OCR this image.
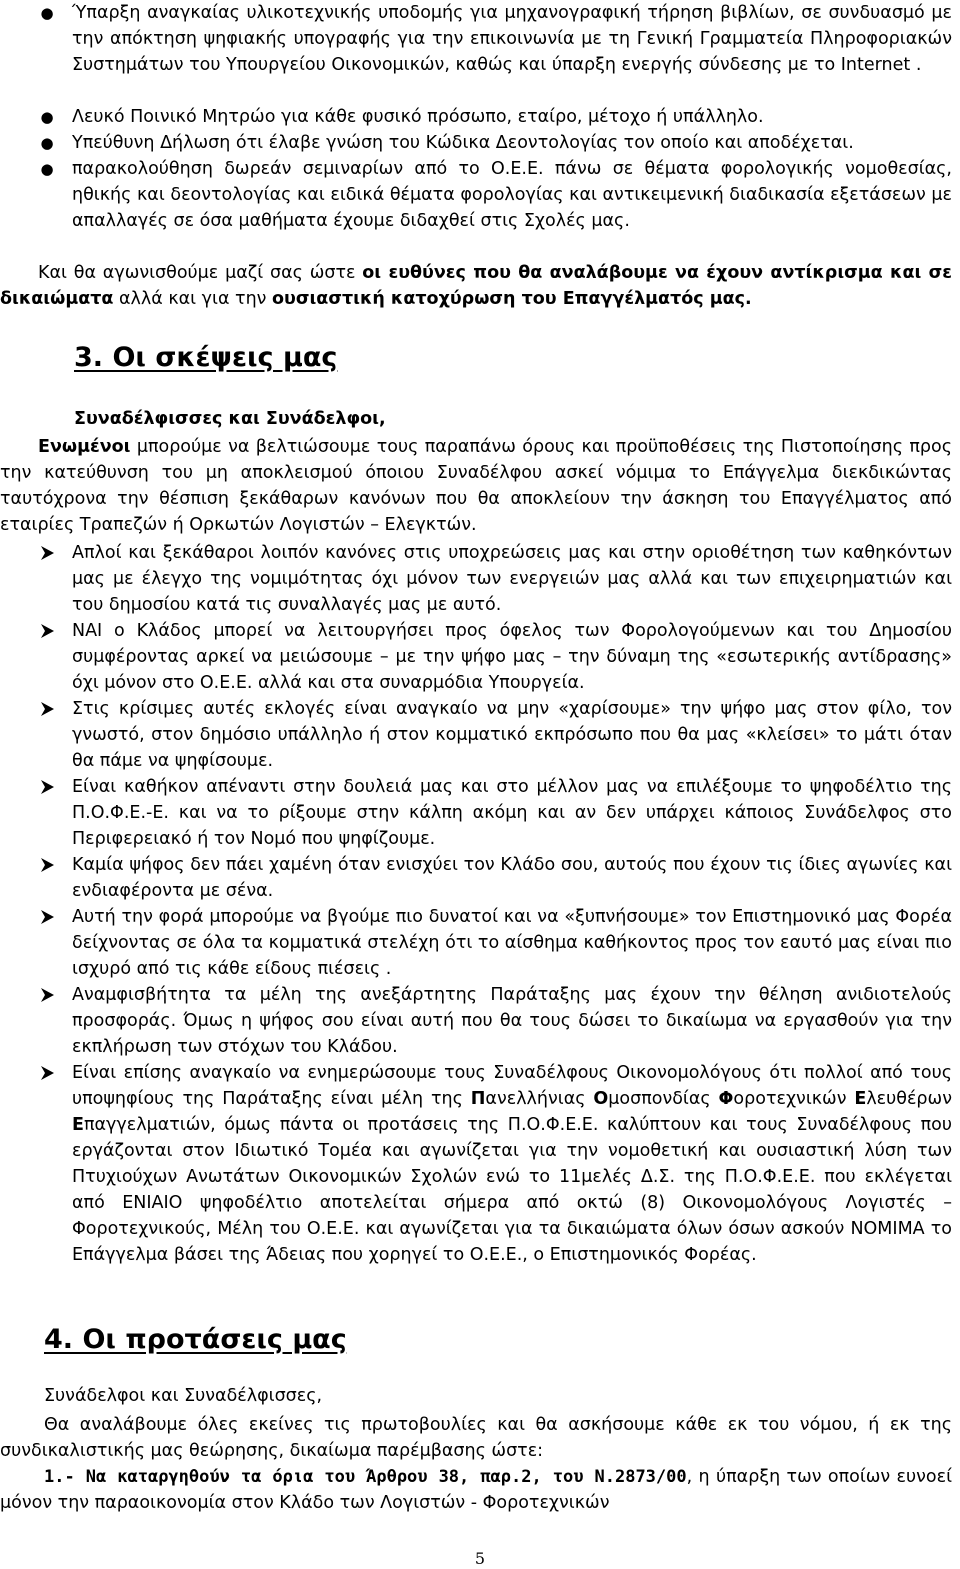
● Ύπαρξη αναγκαίας υλικοτεχνικής υποδομής για μηχανογραφική τήρηση βιβλίων, σε συνδυασμό με την απόκτηση ψηφιακής υπογραφής για την επικοινωνία με τη Γενική Γραμματεία Πληροφοριακών Συστημάτων του Υπουργείου Οικονομικών, καθώς και ύπαρξη ενεργής σύνδεσης με το Internet .
● Λευκό Ποινικό Μητρώο για κάθε φυσικό πρόσωπο, εταίρο, μέτοχο ή υπάλληλο.
● Υπεύθυνη Δήλωση ότι έλαβε γνώση του Κώδικα Δεοντολογίας τον οποίο και αποδέχεται.
● παρακολούθηση δωρεάν σεμιναρίων από το Ο.Ε.Ε. πάνω σε θέματα φορολογικής νομοθεσίας, ηθικής και δεοντολογίας και ειδικά θέματα φορολογίας και αντικειμενική διαδικασία εξετάσεων με απαλλαγές σε όσα μαθήματα έχουμε διδαχθεί στις Σχολές μας.
Και θα αγωνισθούμε μαζί σας ώστε οι ευθύνες που θα αναλάβουμε να έχουν αντίκρισμα και σε δικαιώματα αλλά και για την ουσιαστική κατοχύρωση του Επαγγέλματός μας.
3. Οι σκέψεις μας
Συναδέλφισσες και Συνάδελφοι,
Ενωμένοι μπορούμε να βελτιώσουμε τους παραπάνω όρους και προϋποθέσεις της Πιστοποίησης προς την κατεύθυνση του μη αποκλεισμού όποιου Συναδέλφου ασκεί νόμιμα το Επάγγελμα διεκδικώντας ταυτόχρονα την θέσπιση ξεκάθαρων κανόνων που θα αποκλείουν την άσκηση του Επαγγέλματος από εταιρίες Τραπεζών ή Ορκωτών Λογιστών – Ελεγκτών.
Απλοί και ξεκάθαροι λοιπόν κανόνες στις υποχρεώσεις μας και στην οριοθέτηση των καθηκόντων μας με έλεγχο της νομιμότητας όχι μόνον των ενεργειών μας αλλά και των επιχειρηματιών και του δημοσίου κατά τις συναλλαγές μας με αυτό.
ΝΑΙ ο Κλάδος μπορεί να λειτουργήσει προς όφελος των Φορολογούμενων και του Δημοσίου συμφέροντας αρκεί να μειώσουμε – με την ψήφο μας – την δύναμη της «εσωτερικής αντίδρασης» όχι μόνον στο Ο.Ε.Ε. αλλά και στα συναρμόδια Υπουργεία.
Στις κρίσιμες αυτές εκλογές είναι αναγκαίο να μην «χαρίσουμε» την ψήφο μας στον φίλο, τον γνωστό, στον δημόσιο υπάλληλο ή στον κομματικό εκπρόσωπο που θα μας «κλείσει» το μάτι όταν θα πάμε να ψηφίσουμε.
Είναι καθήκον απέναντι στην δουλειά μας και στο μέλλον μας να επιλέξουμε το ψηφοδέλτιο της Π.Ο.Φ.Ε.-Ε. και να το ρίξουμε στην κάλπη ακόμη και αν δεν υπάρχει κάποιος Συνάδελφος στο Περιφερειακό ή τον Νομό που ψηφίζουμε.
Καμία ψήφος δεν πάει χαμένη όταν ενισχύει τον Κλάδο σου, αυτούς που έχουν τις ίδιες αγωνίες και ενδιαφέροντα με σένα.
Αυτή την φορά μπορούμε να βγούμε πιο δυνατοί και να «ξυπνήσουμε» τον Επιστημονικό μας Φορέα δείχνοντας σε όλα τα κομματικά στελέχη ότι το αίσθημα καθήκοντος προς τον εαυτό μας είναι πιο ισχυρό από τις κάθε είδους πιέσεις .
Αναμφισβήτητα τα μέλη της ανεξάρτητης Παράταξης μας έχουν την θέληση ανιδιοτελούς προσφοράς. Όμως η ψήφος σου είναι αυτή που θα τους δώσει το δικαίωμα να εργασθούν για την εκπλήρωση των στόχων του Κλάδου.
Είναι επίσης αναγκαίο να ενημερώσουμε τους Συναδέλφους Οικονομολόγους ότι πολλοί από τους υποψηφίους της Παράταξης είναι μέλη της Πανελλήνιας Ομοσπονδίας Φοροτεχνικών Ελευθέρων Επαγγελματιών, όμως πάντα οι προτάσεις της Π.Ο.Φ.Ε.Ε. καλύπτουν και τους Συναδέλφους που εργάζονται στον Ιδιωτικό Τομέα και αγωνίζεται για την νομοθετική και ουσιαστική λύση των Πτυχιούχων Ανωτάτων Οικονομικών Σχολών ενώ το 11μελές Δ.Σ. της Π.Ο.Φ.Ε.Ε. που εκλέγεται από ΕΝΙΑΙΟ ψηφοδέλτιο αποτελείται σήμερα από οκτώ (8) Οικονομολόγους Λογιστές – Φοροτεχνικούς, Μέλη του Ο.Ε.Ε. και αγωνίζεται για τα δικαιώματα όλων όσων ασκούν ΝΟΜΙΜΑ το Επάγγελμα βάσει της Άδειας που χορηγεί το Ο.Ε.Ε., ο Επιστημονικός Φορέας.
4. Οι προτάσεις μας
Συνάδελφοι και Συναδέλφισσες,
Θα αναλάβουμε όλες εκείνες τις πρωτοβουλίες και θα ασκήσουμε κάθε εκ του νόμου, ή εκ της συνδικαλιστικής μας θεώρησης, δικαίωμα παρέμβασης ώστε:
1.- Να καταργηθούν τα όρια του Άρθρου 38, παρ.2, του Ν.2873/00, η ύπαρξη των οποίων ευνοεί μόνον την παραοικονομία στον Κλάδο των Λογιστών - Φοροτεχνικών
5
